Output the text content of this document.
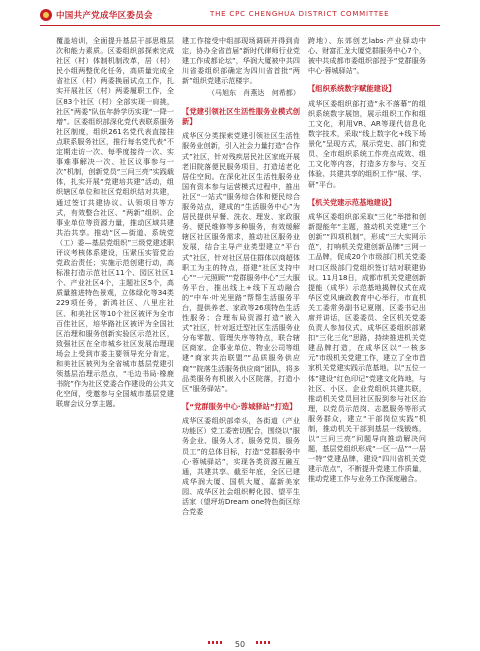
中国共产党成华区委员会	THE CPC CHENGHUA DISTRICT COMMITTEE

覆盖培训，全面提升基层干部思维层次和能力素质。区委组织部探索完成社区（村）体制机制改革，居（村）民小组两整优化任务，高质量完成全省社区（村）两委换届试点工作，扎实开展社区（村）两委履职工作，全区83个社区（村）全部实现一肩挑，社区“两委”队伍年龄学历实现“一降一增”。区委组织部深化党代表联系服务社区制度，组织261名党代表直接挂点联系服务社区，推行每名党代表“不定期走访一次、每季度接待一次、实事难事解决一次、社区议事参与一次”机制，创新党员“三问三亮”实践载体，扎实开展“党建培共建”活动，组织辖区单位和社区党组织结对共建，通过签订共建协议、认领项目等方式，有效整合社区、“两新”组织、企事业单位等资源力量，推动区域共建共治共享。推动“区—街道、系统党（工）委—基层党组织”三级党建述职评议考核体系建设，压紧压实管党治党政治责任；实施示范创建行动，高标准打造示范社区11个、园区社区1个、产业社区4个，主题社区5个，高质量推进特色景观，立体绿化等34类229项任务，新鸿社区、八里庄社区、和美社区等10个社区被评为全市百佳社区，培华路社区被评为全国社区治理和服务创新实验区示范社区，致强社区在全市城乡社区发展治理现场会上受到市委主要领导充分肯定，和美社区被列为全省城市基层党建引领基层治理示范点，“毛边书局·橡鹿书院”作为社区党委合作建设的公共文化空间，受邀参与全国城市基层党建联席会议分享主题。

建工作接受中组部现场调研并得到肯定，协办全省首届“新时代律师行业党建工作成都论坛”，华润大厦被中共四川省委组织部确定为四川省首批“两新”组织党建示范楼宇。

（马旭东　肖燕达　何希都）

【党建引领社区生活性服务业模式创新】

成华区分类探索党建引领社区生活性服务业创新，引入社会力量打造“合作式”社区，针对残疾居民社区家庭开展老旧院落便民服务项目，打造适老化居住空间。在深化社区生活性服务业国有资本参与运营模式过程中，推出社区“一站式”服务综合体和便民综合服务站点，建成的“生活服务中心”为居民提供早餐、洗衣、理发、家政服务、便民维修等多种服务，有效缓解辖区社区服务需求，推动社区服务业发展，结合主导产业类型建立“平台式”社区，针对社区居住群体以商超体职工为主的特点，搭建“社区支持中心”“一元照顾”“党群服务中心”三大服务平台，推出线上+线下互动融合的“中车·叶光里路”帮帮生活服务平台，提供养老、家政等26项特色生活性服务；合理布局资源打造“嵌入式”社区，针对返迁型社区生活服务业分布零散、管理失序等特点，联合辖区商家、企事业单位、物业公司等组建“商家共治联盟”“品质服务供应商”“院落生活服务供应商”团队，将多品类服务有机嵌入小区院落，打造小区“服务驿站”。

【“党群服务中心·蓉城驿站”打造】

成华区委组织部牵头，各街道（产业功能区）党工委密切配合，围绕以“服务企业、服务人才、服务党员、服务员工”的总体目标，打造“党群服务中心·蓉城驿站”，实现各类资源互融互通，共建共享。截至年底，全区已建成华润大厦、国机大厦、嘉新美家园、成华区社会组织孵化园、望平生活家（望坪坊Dream one特色街区综合党委

跨地）、东郊创艺labs·产业驿动中心、财富汇龙大厦党群服务中心7个，被中共成都市委组织部授予“党群服务中心·蓉城驿站”。

【组织系统数字赋能建设】

成华区委组织部打造“永不落幕”的组织系统数字展馆，展示组织工作和组工文化，利用VR、AR等现代信息化数字技术，采取“线上数字化+线下场景化”呈现方式，展示党史、部门和党员、全市组织系统工作亮点成效、组工文化等内容，打造多方参与、交互体验、共建共享的组织工作“展、学、研”平台。

【机关党建示范基地建设】

成华区委组织部采取“三化”举措和创新提能年“主题，推动机关党建“三个创新”“四项机制”，形成“三大实网示范”，打响机关党建创新品牌“三网一工品牌，促成20个市级部门机关党委对口区级部门党组织签订结对联建协议。11月18日，成都市机关党建创新提能（成华）示范基地揭牌仪式在成华区党风廉政教育中心举行，市直机关工委常务副书记夏刚，区委书记出席并讲话，区委委员、全区机关党委负责人参加仪式。成华区委组织部紧扣“三化三化”思路，持续推进机关党建品牌打造，在成华区以“一核多元”市级机关党建工作，建立了全市首家机关党建实践示范基地，以“五位一体”建设“红色印记”党建文化阵地，与社区、小区、企业党组织共建共联，推动机关党员回社区报到参与社区治理，以党员示范岗、志愿服务等形式服务群众，建立“干部岗位实践”机制，推动机关干部到基层一线锻炼，以“三问三亮”问题导向推动解决问题，基层党组织形成“一区一品”“一居一特”党建品牌，建设“四川省机关党建示范点”，不断提升党建工作质量，推动党建工作与业务工作深度融合。

50
